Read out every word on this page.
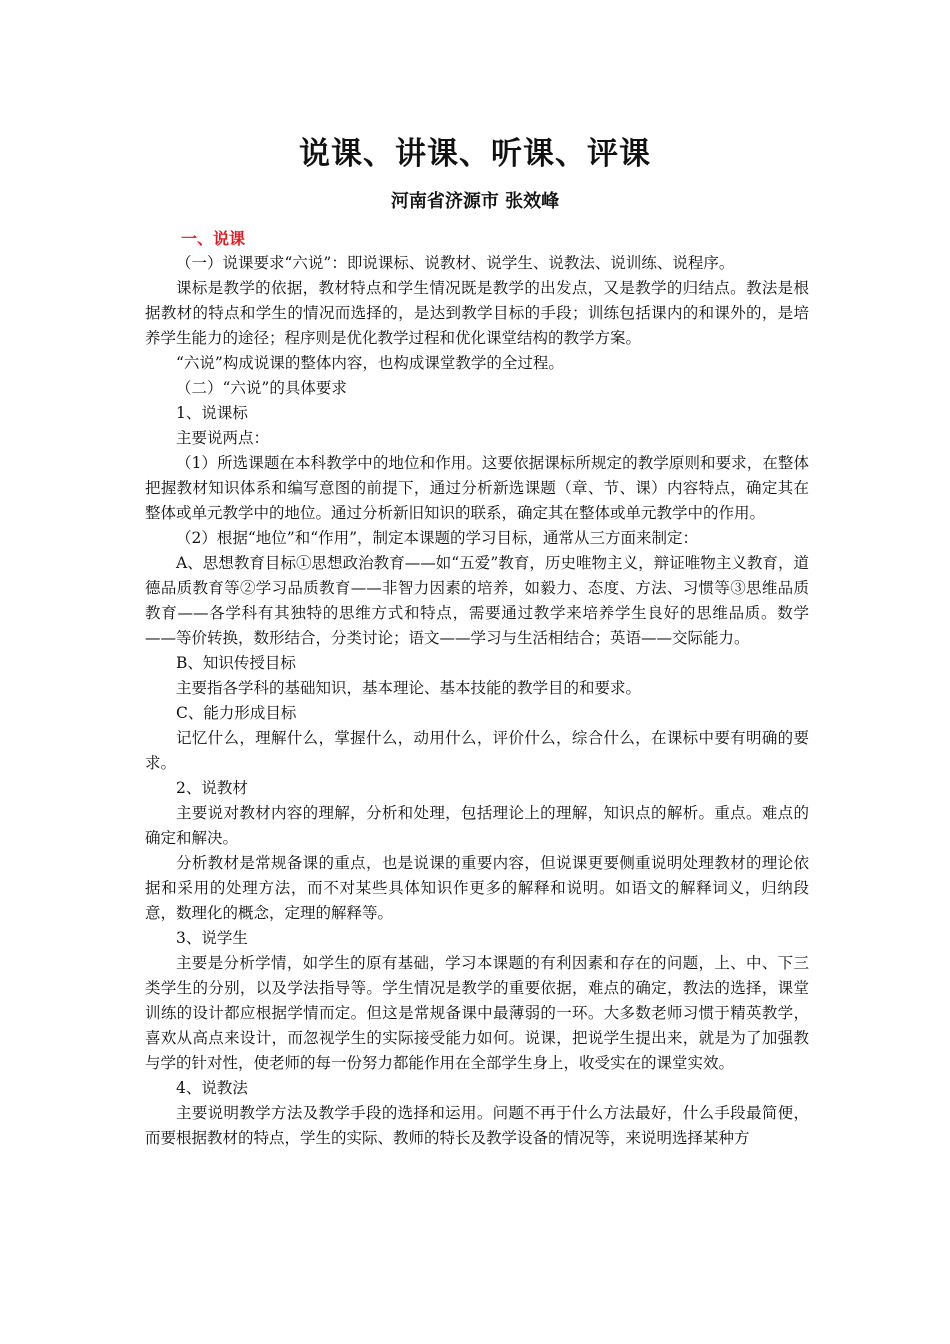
说课、讲课、听课、评课
河南省济源市 张效峰
一、说课

（一）说课要求“六说”：即说课标、说教材、说学生、说教法、说训练、说程序。

课标是教学的依据，教材特点和学生情况既是教学的出发点，又是教学的归结点。教法是根据教材的特点和学生的情况而选择的，是达到教学目标的手段；训练包括课内的和课外的，是培养学生能力的途径；程序则是优化教学过程和优化课堂结构的教学方案。

“六说”构成说课的整体内容，也构成课堂教学的全过程。

（二）“六说”的具体要求

1、说课标

主要说两点：

（1）所选课题在本科教学中的地位和作用。这要依据课标所规定的教学原则和要求，在整体把握教材知识体系和编写意图的前提下，通过分析新选课题（章、节、课）内容特点，确定其在整体或单元教学中的地位。通过分析新旧知识的联系，确定其在整体或单元教学中的作用。

（2）根据“地位”和“作用”，制定本课题的学习目标，通常从三方面来制定：

A、思想教育目标①思想政治教育——如“五爱”教育，历史唯物主义，辩证唯物主义教育，道德品质教育等②学习品质教育——非智力因素的培养，如毅力、态度、方法、习惯等③思维品质教育——各学科有其独特的思维方式和特点，需要通过教学来培养学生良好的思维品质。数学——等价转换，数形结合，分类讨论；语文——学习与生活相结合；英语——交际能力。

B、知识传授目标

主要指各学科的基础知识，基本理论、基本技能的教学目的和要求。

C、能力形成目标

记忆什么，理解什么，掌握什么，动用什么，评价什么，综合什么，在课标中要有明确的要求。

2、说教材

主要说对教材内容的理解，分析和处理，包括理论上的理解，知识点的解析。重点。难点的确定和解决。

分析教材是常规备课的重点，也是说课的重要内容，但说课更要侧重说明处理教材的理论依据和采用的处理方法，而不对某些具体知识作更多的解释和说明。如语文的解释词义，归纳段意，数理化的概念，定理的解释等。

3、说学生

主要是分析学情，如学生的原有基础，学习本课题的有利因素和存在的问题，上、中、下三类学生的分别，以及学法指导等。学生情况是教学的重要依据，难点的确定，教法的选择，课堂训练的设计都应根据学情而定。但这是常规备课中最薄弱的一环。大多数老师习惯于精英教学，喜欢从高点来设计，而忽视学生的实际接受能力如何。说课，把说学生提出来，就是为了加强教与学的针对性，使老师的每一份努力都能作用在全部学生身上，收受实在的课堂实效。

4、说教法

主要说明教学方法及教学手段的选择和运用。问题不再于什么方法最好，什么手段最简便，而要根据教材的特点，学生的实际、教师的特长及教学设备的情况等，来说明选择某种方
